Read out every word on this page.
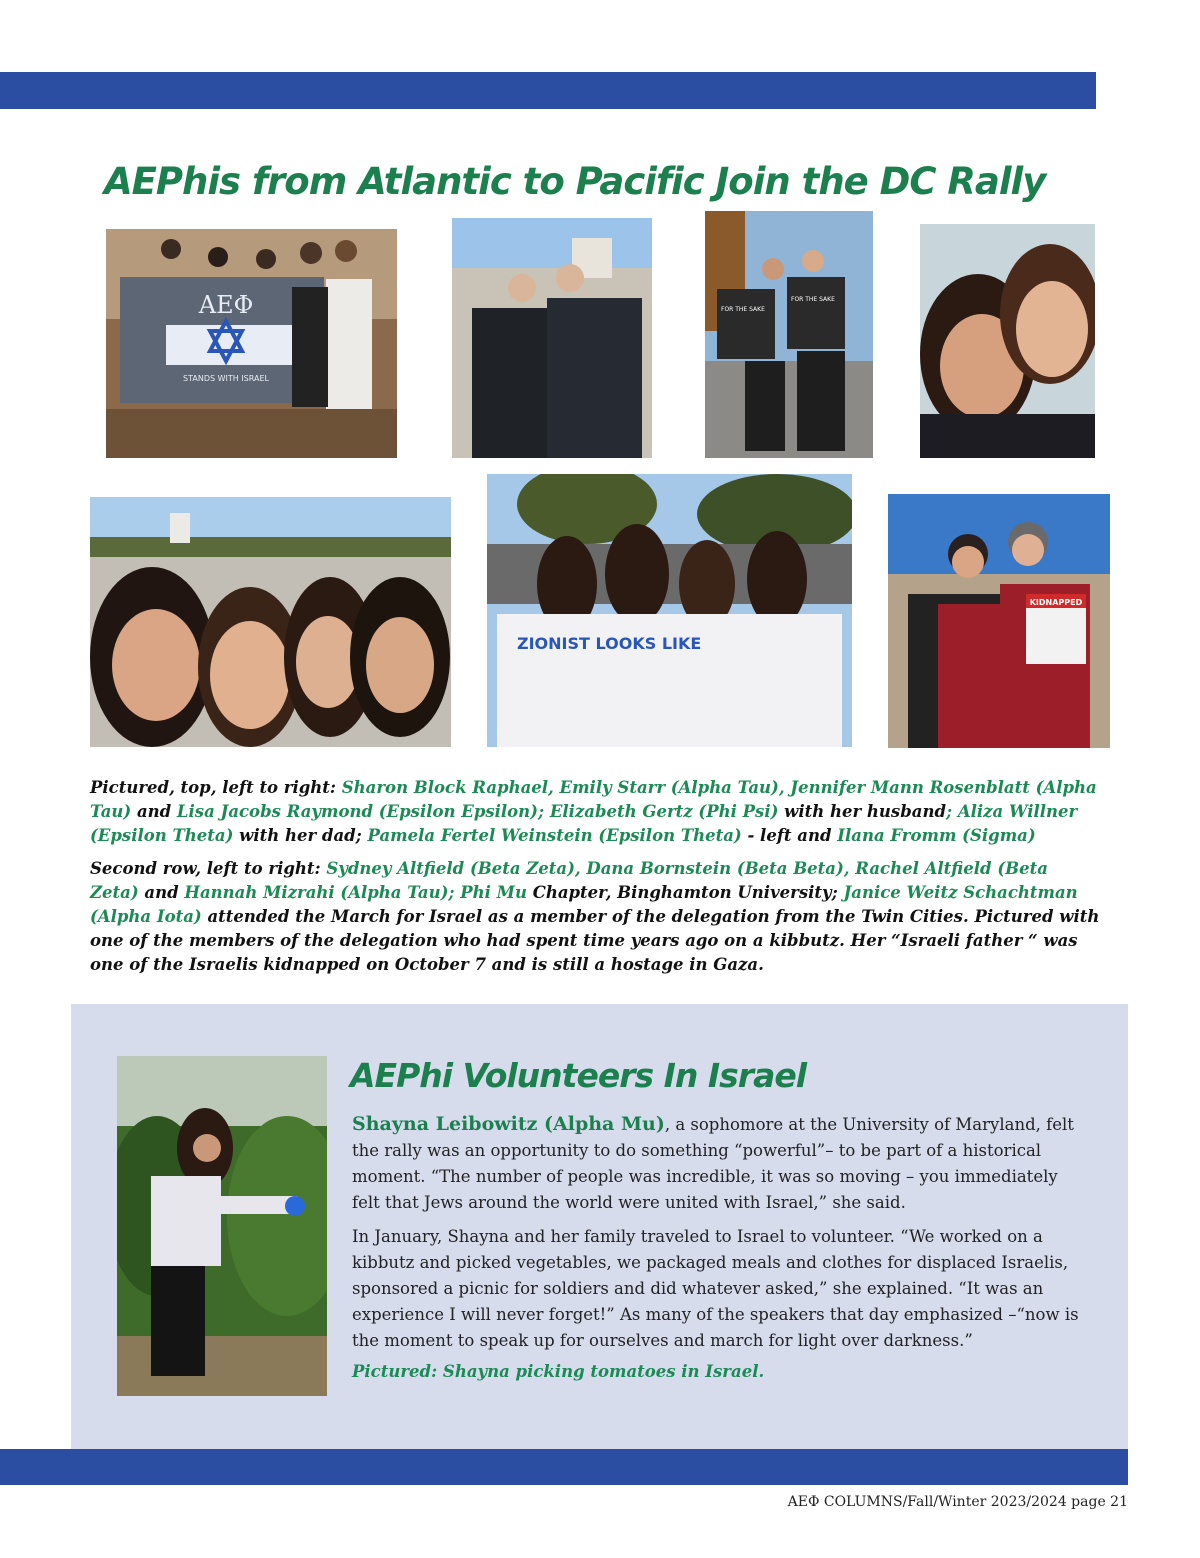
AEPhis from Atlantic to Pacific Join the DC Rally
ΑΕΦ
STANDS WITH ISRAEL
FOR THE SAKE
FOR THE SAKE
ZIONIST LOOKS LIKE
KIDNAPPED

Pictured, top, left to right: Sharon Block Raphael, Emily Starr (Alpha Tau), Jennifer Mann Rosenblatt (Alpha Tau) and Lisa Jacobs Raymond (Epsilon Epsilon); Elizabeth Gertz (Phi Psi) with her husband; Aliza Willner (Epsilon Theta) with her dad; Pamela Fertel Weinstein (Epsilon Theta) - left and Ilana Fromm (Sigma)

Second row, left to right: Sydney Altfield (Beta Zeta), Dana Bornstein (Beta Beta), Rachel Altfield (Beta Zeta) and Hannah Mizrahi (Alpha Tau); Phi Mu Chapter, Binghamton University; Janice Weitz Schachtman (Alpha Iota) attended the March for Israel as a member of the delegation from the Twin Cities. Pictured with one of the members of the delegation who had spent time years ago on a kibbutz. Her “Israeli father “ was one of the Israelis kidnapped on October 7 and is still a hostage in Gaza.

AEPhi Volunteers In Israel

Shayna Leibowitz (Alpha Mu), a sophomore at the University of Maryland, felt the rally was an opportunity to do something “powerful”– to be part of a historical moment. “The number of people was incredible, it was so moving – you immediately felt that Jews around the world were united with Israel,” she said.

In January, Shayna and her family traveled to Israel to volunteer. “We worked on a kibbutz and picked vegetables, we packaged meals and clothes for displaced Israelis, sponsored a picnic for soldiers and did whatever asked,” she explained. “It was an experience I will never forget!” As many of the speakers that day emphasized –“now is the moment to speak up for ourselves and march for light over darkness.”

Pictured: Shayna picking tomatoes in Israel.

ΑΕΦ COLUMNS/Fall/Winter 2023/2024 page 21
